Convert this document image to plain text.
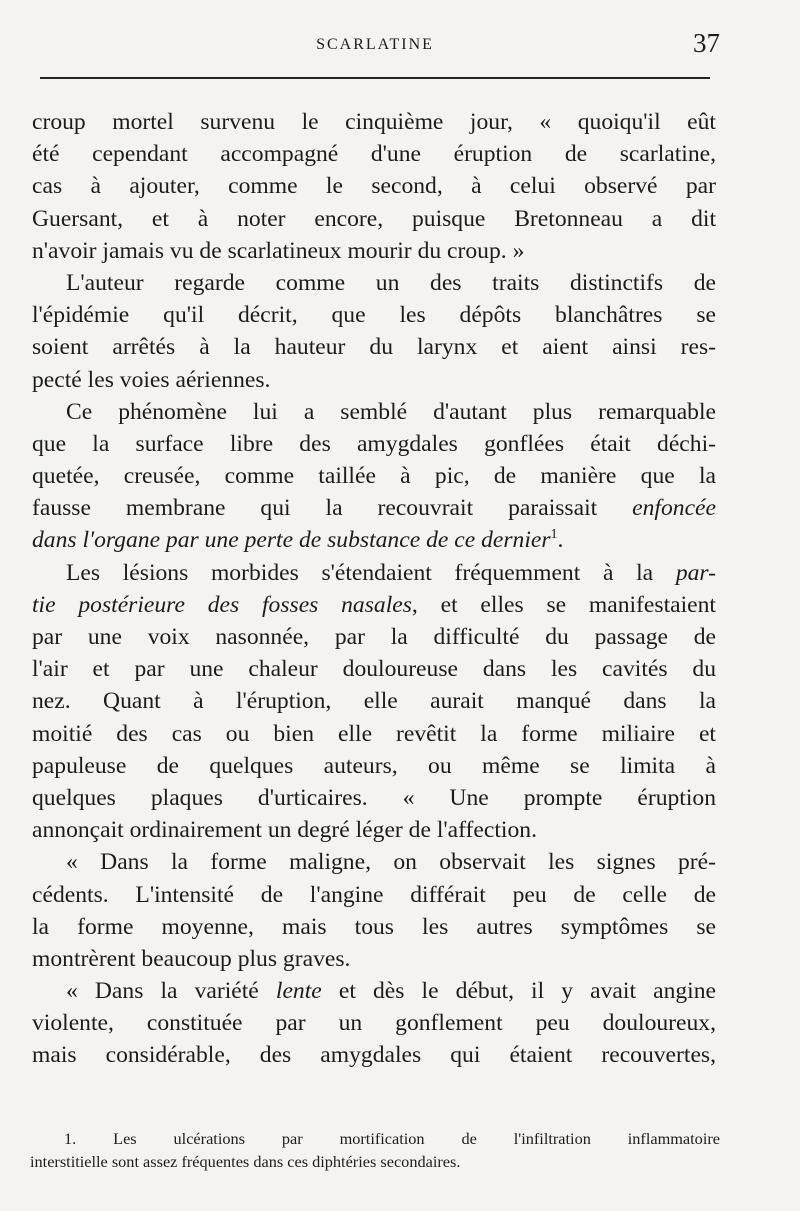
SCARLATINE	37
croup mortel survenu le cinquième jour, « quoiqu'il eût
été cependant accompagné d'une éruption de scarlatine,
cas à ajouter, comme le second, à celui observé par
Guersant, et à noter encore, puisque Bretonneau a dit
n'avoir jamais vu de scarlatineux mourir du croup. »
L'auteur regarde comme un des traits distinctifs de
l'épidémie qu'il décrit, que les dépôts blanchâtres se
soient arrêtés à la hauteur du larynx et aient ainsi res-
pecté les voies aériennes.
Ce phénomène lui a semblé d'autant plus remarquable
que la surface libre des amygdales gonflées était déchi-
quetée, creusée, comme taillée à pic, de manière que la
fausse membrane qui la recouvrait paraissait enfoncée
dans l'organe par une perte de substance de ce dernier$^1$.
Les lésions morbides s'étendaient fréquemment à la par-
tie postérieure des fosses nasales, et elles se manifestaient
par une voix nasonnée, par la difficulté du passage de
l'air et par une chaleur douloureuse dans les cavités du
nez. Quant à l'éruption, elle aurait manqué dans la
moitié des cas ou bien elle revêtit la forme miliaire et
papuleuse de quelques auteurs, ou même se limita à
quelques plaques d'urticaires. « Une prompte éruption
annonçait ordinairement un degré léger de l'affection.
« Dans la forme maligne, on observait les signes pré-
cédents. L'intensité de l'angine différait peu de celle de
la forme moyenne, mais tous les autres symptômes se
montrèrent beaucoup plus graves.
« Dans la variété lente et dès le début, il y avait angine
violente, constituée par un gonflement peu douloureux,
mais considérable, des amygdales qui étaient recouvertes,
1. Les ulcérations par mortification de l'infiltration inflammatoire
interstitielle sont assez fréquentes dans ces diphtéries secondaires.
